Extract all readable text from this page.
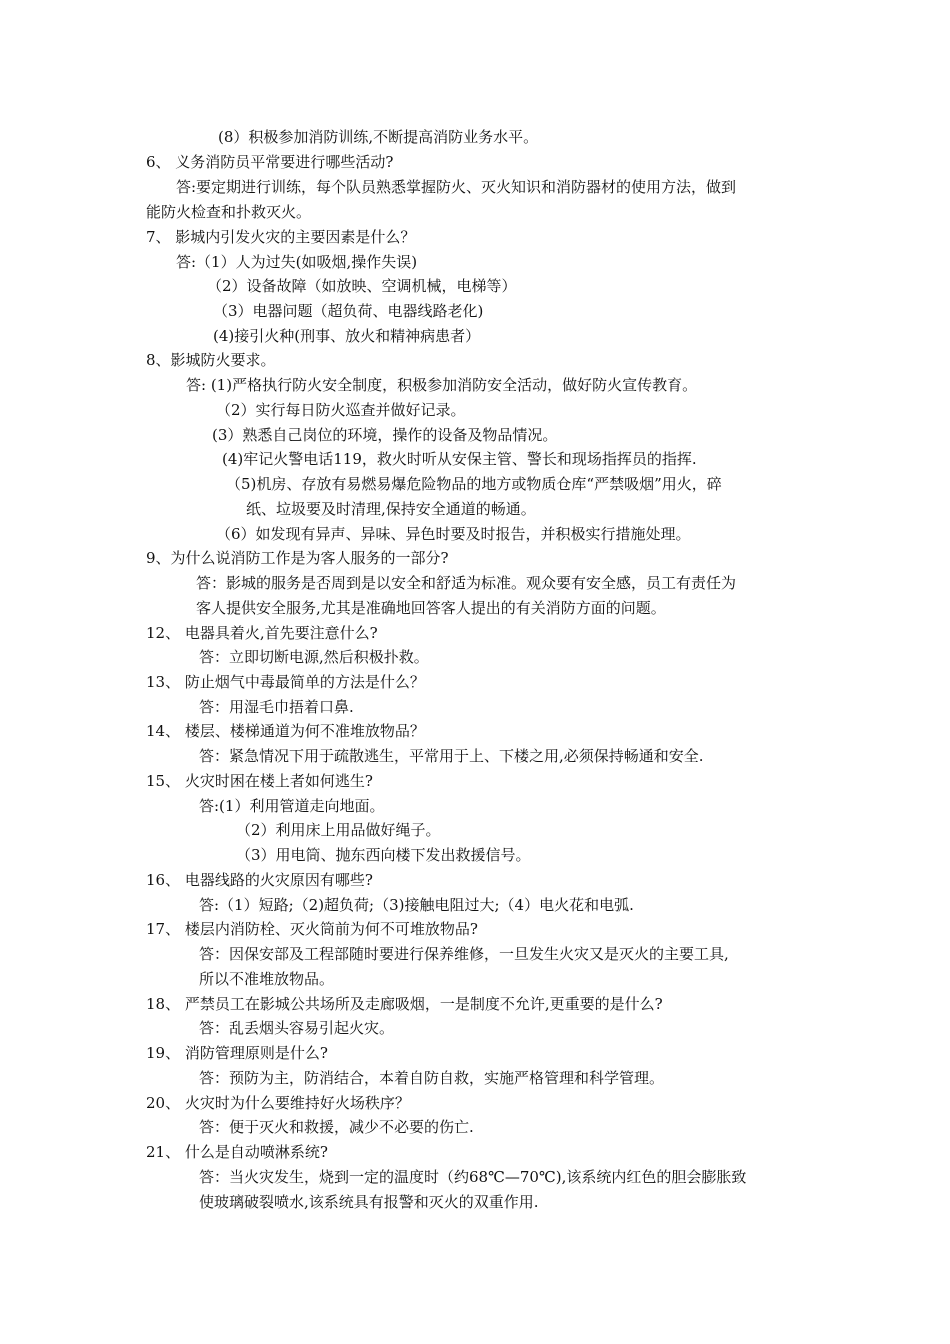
(8）积极参加消防训练,不断提高消防业务水平。
6、 义务消防员平常要进行哪些活动?
答:要定期进行训练，每个队员熟悉掌握防火、灭火知识和消防器材的使用方法，做到
能防火检查和扑救灭火。
7、 影城内引发火灾的主要因素是什么？
答:（1）人为过失(如吸烟,操作失误)
（2）设备故障（如放映、空调机械，电梯等）
（3）电器问题（超负荷、电器线路老化)
(4)接引火种(刑事、放火和精神病患者）
8、影城防火要求。
答: (1)严格执行防火安全制度，积极参加消防安全活动，做好防火宣传教育。
（2）实行每日防火巡查并做好记录。
(3）熟悉自己岗位的环境，操作的设备及物品情况。
(4)牢记火警电话119，救火时听从安保主管、警长和现场指挥员的指挥.
（5)机房、存放有易燃易爆危险物品的地方或物质仓库“严禁吸烟”用火，碎
纸、垃圾要及时清理,保持安全通道的畅通。
（6）如发现有异声、异味、异色时要及时报告，并积极实行措施处理。
9、为什么说消防工作是为客人服务的一部分?
答：影城的服务是否周到是以安全和舒适为标准。观众要有安全感，员工有责任为
客人提供安全服务,尤其是准确地回答客人提出的有关消防方面的问题。
12、 电器具着火,首先要注意什么?
答：立即切断电源,然后积极扑救。
13、 防止烟气中毒最简单的方法是什么？
答：用湿毛巾捂着口鼻.
14、 楼层、楼梯通道为何不准堆放物品？
答：紧急情况下用于疏散逃生，平常用于上、下楼之用,必须保持畅通和安全.
15、 火灾时困在楼上者如何逃生?
答:(1）利用管道走向地面。
（2）利用床上用品做好绳子。
（3）用电筒、抛东西向楼下发出救援信号。
16、 电器线路的火灾原因有哪些?
答:（1）短路;（2)超负荷;（3)接触电阻过大;（4）电火花和电弧.
17、 楼层内消防栓、灭火筒前为何不可堆放物品?
答：因保安部及工程部随时要进行保养维修，一旦发生火灾又是灭火的主要工具,
所以不准堆放物品。
18、 严禁员工在影城公共场所及走廊吸烟，一是制度不允许,更重要的是什么?
答：乱丢烟头容易引起火灾。
19、 消防管理原则是什么?
答：预防为主，防消结合，本着自防自救，实施严格管理和科学管理。
20、 火灾时为什么要维持好火场秩序？
答：便于灭火和救援，减少不必要的伤亡.
21、 什么是自动喷淋系统?
答：当火灾发生，烧到一定的温度时（约68℃—70℃),该系统内红色的胆会膨胀致
使玻璃破裂喷水,该系统具有报警和灭火的双重作用.
